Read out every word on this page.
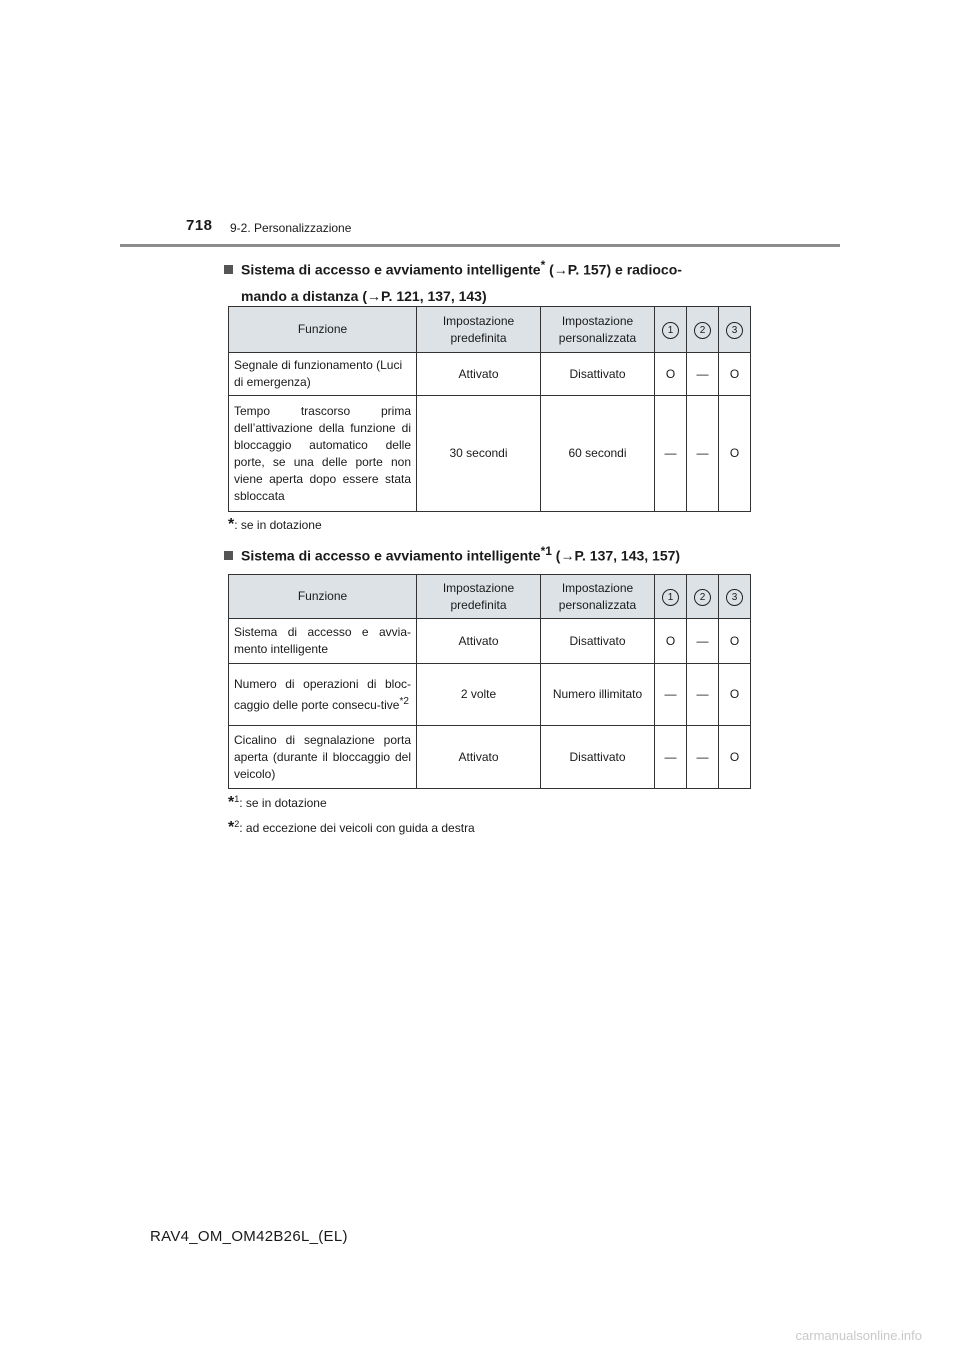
718 9-2. Personalizzazione
Sistema di accesso e avviamento intelligente* (→P. 157) e radioco-
mando a distanza (→P. 121, 137, 143)
Funzione	Impostazione predefinita	Impostazione personalizzata	1	2	3
Segnale di funzionamento (Luci di emergenza)	Attivato	Disattivato	O	—	O
Tempo trascorso prima dell’attivazione della funzione di bloccaggio automatico delle porte, se una delle porte non viene aperta dopo essere stata sbloccata	30 secondi	60 secondi	—	—	O
*: se in dotazione
Sistema di accesso e avviamento intelligente$^{*1}$ (→P. 137, 143, 157)
Funzione	Impostazione predefinita	Impostazione personalizzata	1	2	3
Sistema di accesso e avvia-mento intelligente	Attivato	Disattivato	O	—	O
Numero di operazioni di bloc-caggio delle porte consecu-tive$^{*2}$	2 volte	Numero illimitato	—	—	O
Cicalino di segnalazione porta aperta (durante il bloccaggio del veicolo)	Attivato	Disattivato	—	—	O
*$^1$: se in dotazione
*$^2$: ad eccezione dei veicoli con guida a destra
RAV4_OM_OM42B26L_(EL)
carmanualsonline.info
